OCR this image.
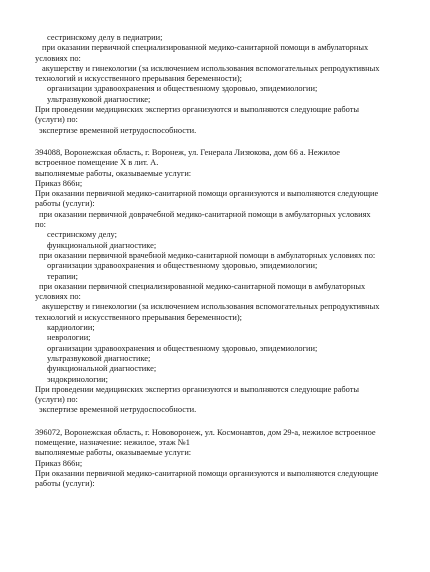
сестринскому делу в педиатрии;
при оказании первичной специализированной медико-санитарной помощи в амбулаторных
условиях по:
акушерству и гинекологии (за исключением использования вспомогательных репродуктивных
технологий и искусственного прерывания беременности);
организации здравоохранения и общественному здоровью, эпидемиологии;
ультразвуковой диагностике;
При проведении медицинских экспертиз организуются и выполняются следующие работы
(услуги) по:
экспертизе временной нетрудоспособности.
394088, Воронежская область, г. Воронеж, ул. Генерала Лизюкова, дом 66 а. Нежилое
встроенное помещение X в лит. А.
выполняемые работы, оказываемые услуги:
Приказ 866н;
При оказании первичной медико-санитарной помощи организуются и выполняются следующие
работы (услуги):
при оказании первичной доврачебной медико-санитарной помощи в амбулаторных условиях
по:
сестринскому делу;
функциональной диагностике;
при оказании первичной врачебной медико-санитарной помощи в амбулаторных условиях по:
организации здравоохранения и общественному здоровью, эпидемиологии;
терапии;
при оказании первичной специализированной медико-санитарной помощи в амбулаторных
условиях по:
акушерству и гинекологии (за исключением использования вспомогательных репродуктивных
технологий и искусственного прерывания беременности);
кардиологии;
неврологии;
организации здравоохранения и общественному здоровью, эпидемиологии;
ультразвуковой диагностике;
функциональной диагностике;
эндокринологии;
При проведении медицинских экспертиз организуются и выполняются следующие работы
(услуги) по:
экспертизе временной нетрудоспособности.
396072, Воронежская область, г. Нововоронеж, ул. Космонавтов, дом 29-а, нежилое встроенное
помещение, назначение: нежилое, этаж №1
выполняемые работы, оказываемые услуги:
Приказ 866н;
При оказании первичной медико-санитарной помощи организуются и выполняются следующие
работы (услуги):
